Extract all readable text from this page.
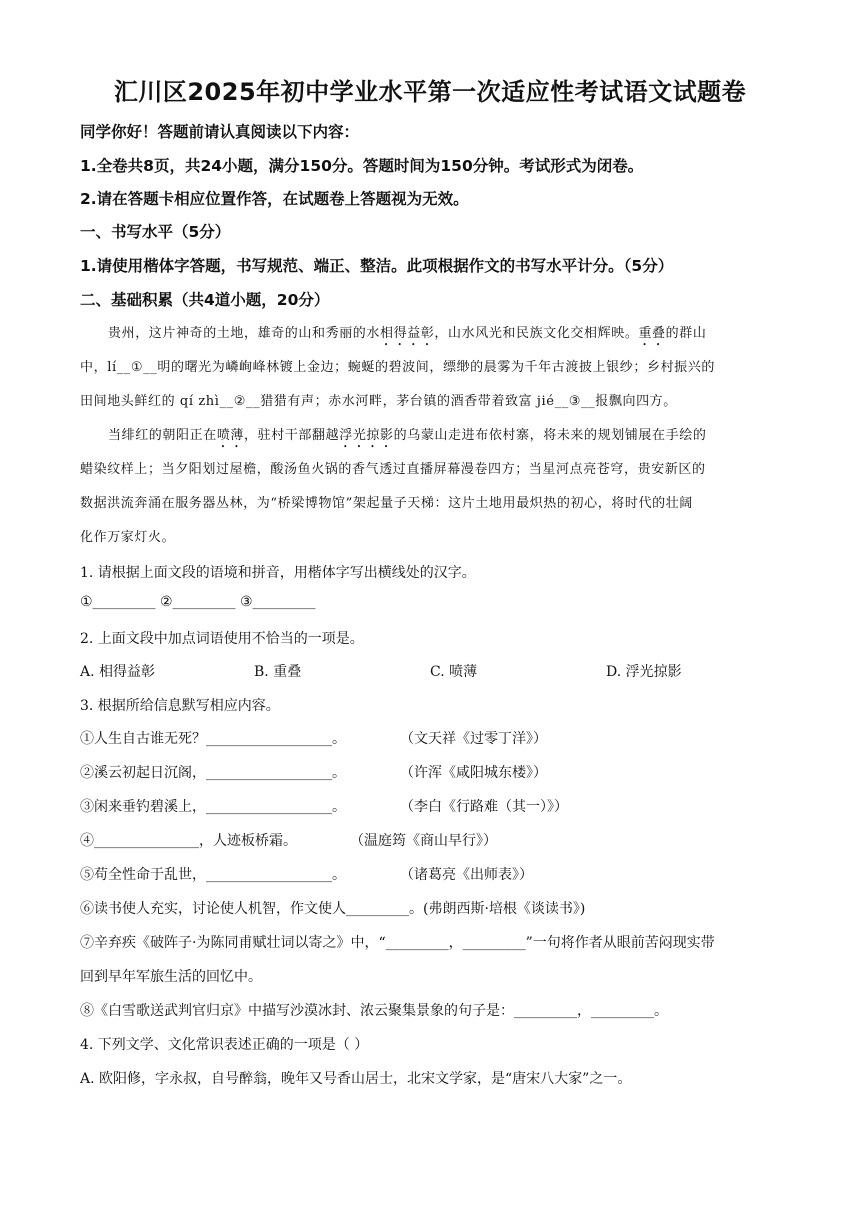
汇川区2025年初中学业水平第一次适应性考试语文试题卷
同学你好！答题前请认真阅读以下内容：
1.全卷共8页，共24小题，满分150分。答题时间为150分钟。考试形式为闭卷。
2.请在答题卡相应位置作答，在试题卷上答题视为无效。
一、书写水平（5分）
1.请使用楷体字答题，书写规范、端正、整洁。此项根据作文的书写水平计分。（5分）
二、基础积累（共4道小题，20分）
贵州，这片神奇的土地，雄奇的山和秀丽的水相得益彰，山水风光和民族文化交相辉映。重叠的群山
中，lí__①__明的曙光为嶙峋峰林镀上金边；蜿蜒的碧波间，缥缈的晨雾为千年古渡披上银纱；乡村振兴的
田间地头鲜红的 qí zhì__②__猎猎有声；赤水河畔，茅台镇的酒香带着致富 jié__③__报飘向四方。
当绯红的朝阳正在喷薄，驻村干部翻越浮光掠影的乌蒙山走进布依村寨，将未来的规划铺展在手绘的
蜡染纹样上；当夕阳划过屋檐，酸汤鱼火锅的香气透过直播屏幕漫卷四方；当星河点亮苍穹，贵安新区的
数据洪流奔涌在服务器丛林，为“桥梁博物馆”架起量子天梯：这片土地用最炽热的初心，将时代的壮阔
化作万家灯火。
1. 请根据上面文段的语境和拼音，用楷体字写出横线处的汉字。
①_________ ②_________ ③_________
2. 上面文段中加点词语使用不恰当的一项是。
A. 相得益彰	B. 重叠	C. 喷薄	D. 浮光掠影
3. 根据所给信息默写相应内容。
①人生自古谁无死？__________________。	（文天祥《过零丁洋》）
②溪云初起日沉阁，__________________。	（许浑《咸阳城东楼》）
③闲来垂钓碧溪上，__________________。	（李白《行路难（其一）》）
④_______________，人迹板桥霜。	（温庭筠《商山早行》）
⑤苟全性命于乱世，__________________。	（诸葛亮《出师表》）
⑥读书使人充实，讨论使人机智，作文使人_________。(弗朗西斯·培根《谈读书》)
⑦辛弃疾《破阵子·为陈同甫赋壮词以寄之》中，“_________，_________”一句将作者从眼前苦闷现实带
回到早年军旅生活的回忆中。
⑧《白雪歌送武判官归京》中描写沙漠冰封、浓云聚集景象的句子是：_________，_________。
4. 下列文学、文化常识表述正确的一项是（ ）
A. 欧阳修，字永叔，自号醉翁，晚年又号香山居士，北宋文学家，是“唐宋八大家”之一。
